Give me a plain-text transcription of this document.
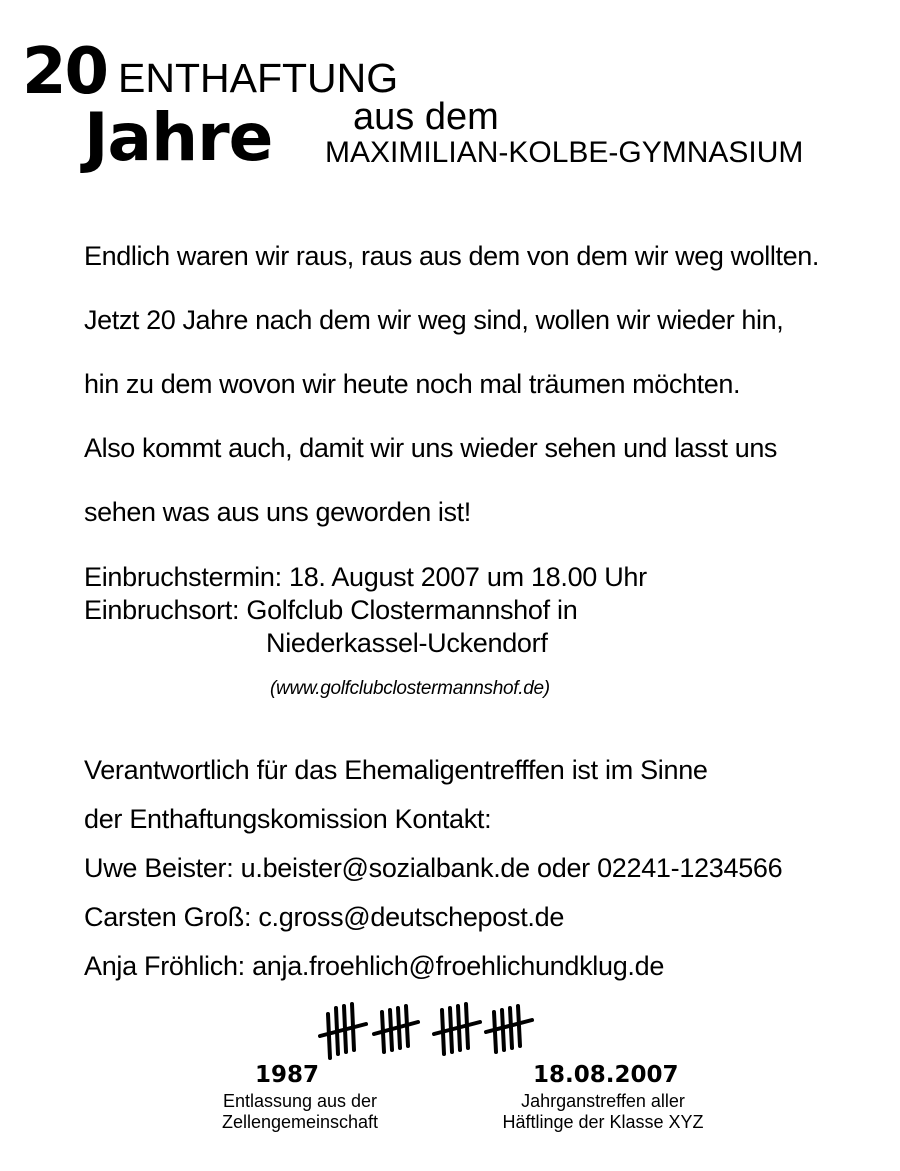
20 ENTHAFTUNG
aus dem
Jahre MAXIMILIAN-KOLBE-GYMNASIUM
Endlich waren wir raus, raus aus dem von dem wir weg wollten.
Jetzt 20 Jahre nach dem wir weg sind, wollen wir wieder hin,
hin zu dem wovon wir heute noch mal träumen möchten.
Also kommt auch, damit wir uns wieder sehen und lasst uns
sehen was aus uns geworden ist!
Einbruchstermin: 18. August 2007 um 18.00 Uhr
Einbruchsort: Golfclub Clostermannshof in
Niederkassel-Uckendorf
(www.golfclubclostermannshof.de)
Verantwortlich für das Ehemaligentrefffen ist im Sinne
der Enthaftungskomission Kontakt:
Uwe Beister: u.beister@sozialbank.de oder 02241-1234566
Carsten Groß: c.gross@deutschepost.de
Anja Fröhlich: anja.froehlich@froehlichundklug.de
1987
Entlassung aus der
Zellengemeinschaft
18.08.2007
Jahrganstreffen aller
Häftlinge der Klasse XYZ
